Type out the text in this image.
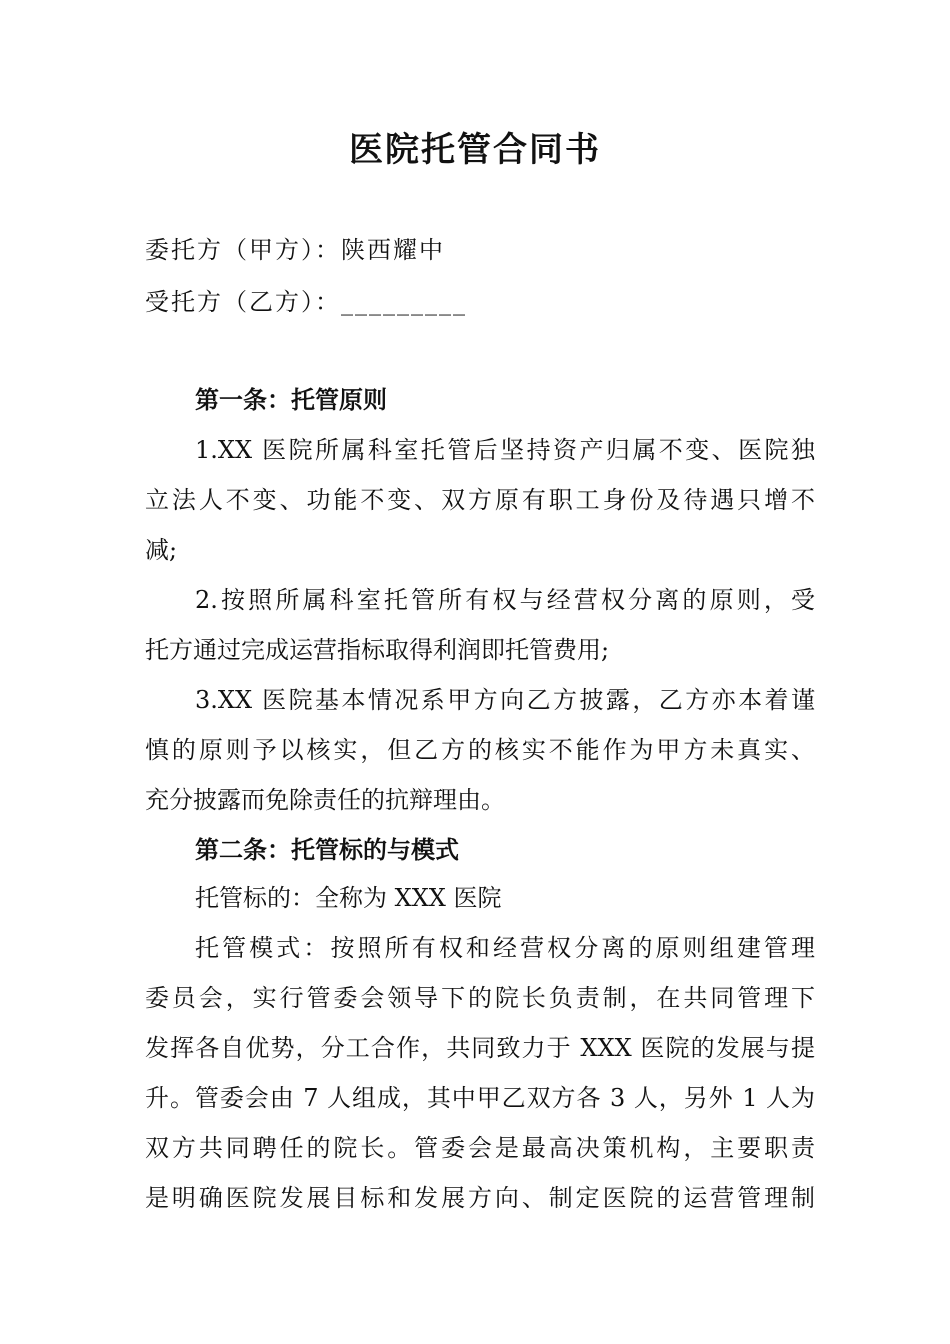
医院托管合同书
委托方（甲方）：陕西耀中
受托方（乙方）：_________
第一条：托管原则
1.XX 医院所属科室托管后坚持资产归属不变、医院独
立法人不变、功能不变、双方原有职工身份及待遇只增不
减;
2.按照所属科室托管所有权与经营权分离的原则，受
托方通过完成运营指标取得利润即托管费用;
3.XX 医院基本情况系甲方向乙方披露，乙方亦本着谨
慎的原则予以核实，但乙方的核实不能作为甲方未真实、
充分披露而免除责任的抗辩理由。
第二条：托管标的与模式
托管标的：全称为 XXX 医院
托管模式：按照所有权和经营权分离的原则组建管理
委员会，实行管委会领导下的院长负责制，在共同管理下
发挥各自优势，分工合作，共同致力于 XXX 医院的发展与提
升。管委会由 7 人组成，其中甲乙双方各 3 人，另外 1 人为
双方共同聘任的院长。管委会是最高决策机构，主要职责
是明确医院发展目标和发展方向、制定医院的运营管理制
